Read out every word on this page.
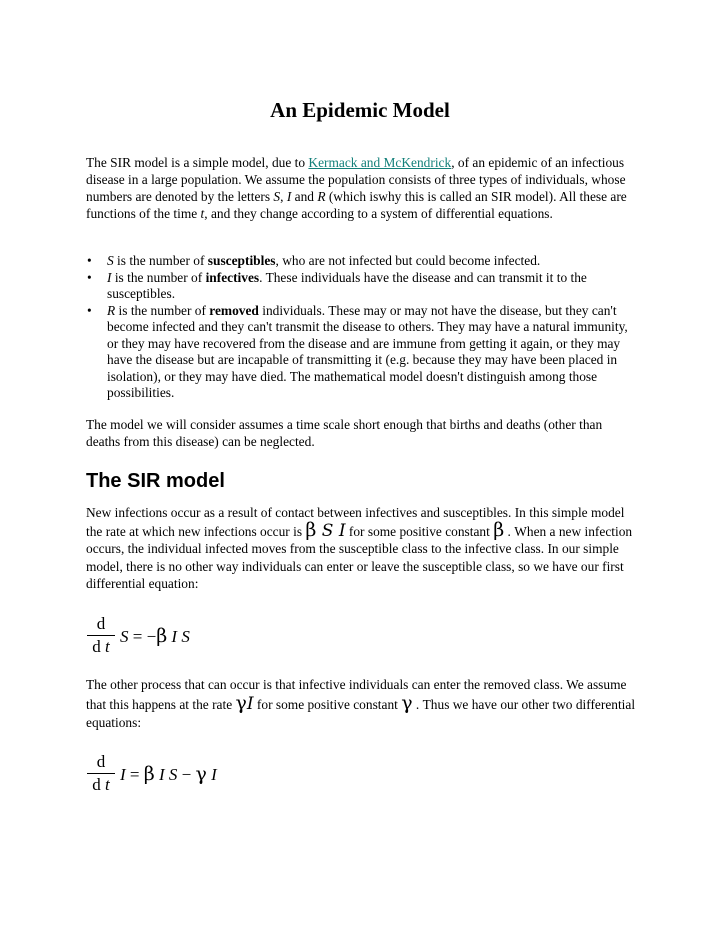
An Epidemic Model
The SIR model is a simple model, due to Kermack and McKendrick, of an epidemic of an infectious disease in a large population. We assume the population consists of three types of individuals, whose numbers are denoted by the letters S, I and R (which iswhy this is called an SIR model). All these are functions of the time t, and they change according to a system of differential equations.
• S is the number of susceptibles, who are not infected but could become infected.
• I is the number of infectives. These individuals have the disease and can transmit it to the susceptibles.
• R is the number of removed individuals. These may or may not have the disease, but they can't become infected and they can't transmit the disease to others. They may have a natural immunity, or they may have recovered from the disease and are immune from getting it again, or they may have the disease but are incapable of transmitting it (e.g. because they may have been placed in isolation), or they may have died. The mathematical model doesn't distinguish among those possibilities.
The model we will consider assumes a time scale short enough that births and deaths (other than deaths from this disease) can be neglected.
The SIR model
New infections occur as a result of contact between infectives and susceptibles. In this simple model the rate at which new infections occur is β S I for some positive constant β . When a new infection occurs, the individual infected moves from the susceptible class to the infective class. In our simple model, there is no other way individuals can enter or leave the susceptible class, so we have our first differential equation:
d
d t
S = −β I S
The other process that can occur is that infective individuals can enter the removed class. We assume that this happens at the rate γI for some positive constant γ . Thus we have our other two differential equations:
d
d t
I = β I S − γ I
